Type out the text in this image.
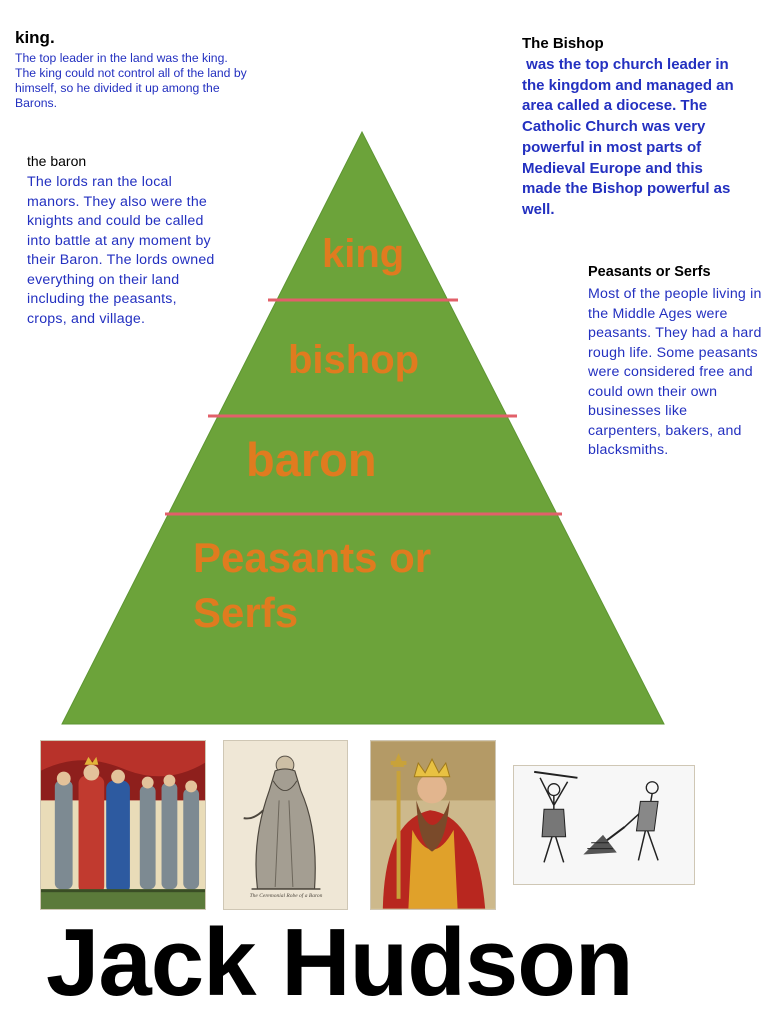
king.
The top leader in the land was the king. The king could not control all of the land by himself, so he divided it up among the Barons.
The Bishop
was the top church leader in the kingdom and managed an area called a diocese. The Catholic Church was very powerful in most parts of Medieval Europe and this made the Bishop powerful as well.
the baron
The lords ran the local manors. They also were the knights and could be called into battle at any moment by their Baron. The lords owned everything on their land including the peasants, crops, and village.
Peasants or Serfs
Most of the people living in the Middle Ages were peasants. They had a hard rough life. Some peasants were considered free and could own their own businesses like carpenters, bakers, and blacksmiths.
king
bishop
baron
Peasants or Serfs
The Ceremonial Robe of a Baron
Jack Hudson
